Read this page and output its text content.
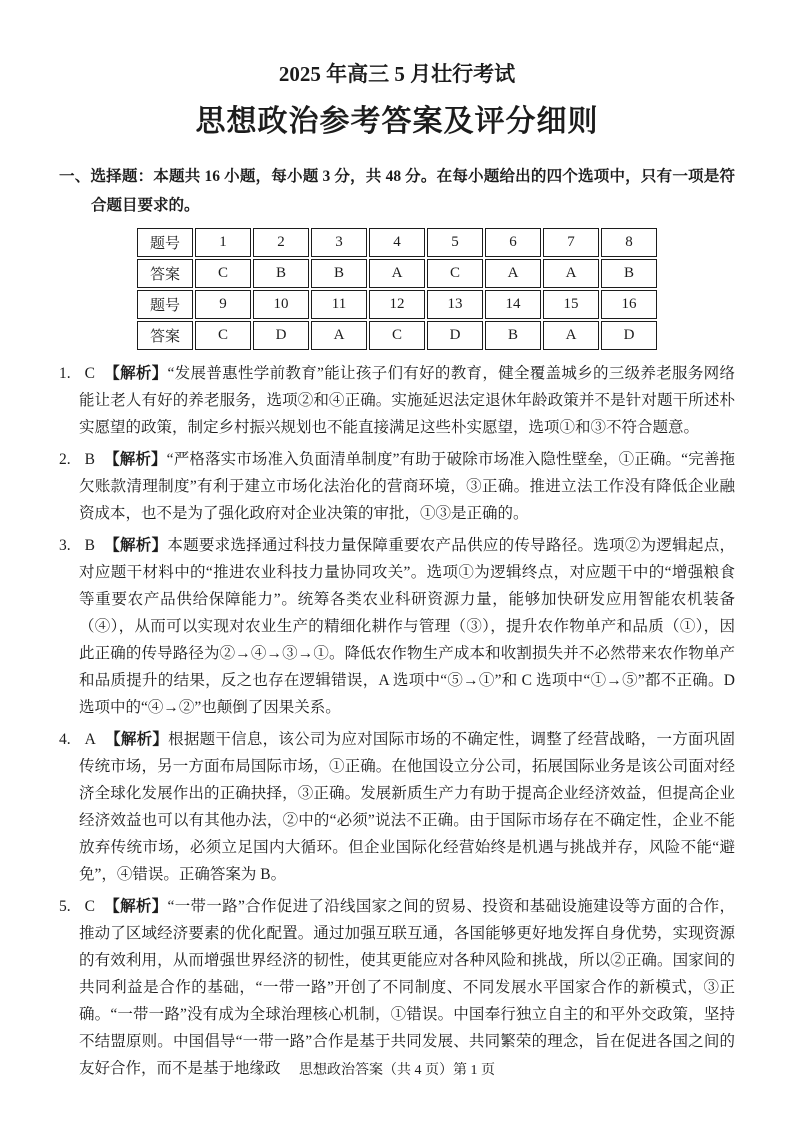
2025 年高三 5 月壮行考试
思想政治参考答案及评分细则

一、选择题：本题共 16 小题，每小题 3 分，共 48 分。在每小题给出的四个选项中，只有一项是符合题目要求的。

题号	1	2	3	4	5	6	7	8
答案	C	B	B	A	C	A	A	B
题号	9	10	11	12	13	14	15	16
答案	C	D	A	C	D	B	A	D
1. C 【解析】“发展普惠性学前教育”能让孩子们有好的教育，健全覆盖城乡的三级养老服务网络能让老人有好的养老服务，选项②和④正确。实施延迟法定退休年龄政策并不是针对题干所述朴实愿望的政策，制定乡村振兴规划也不能直接满足这些朴实愿望，选项①和③不符合题意。
2. B 【解析】“严格落实市场准入负面清单制度”有助于破除市场准入隐性壁垒，①正确。“完善拖欠账款清理制度”有利于建立市场化法治化的营商环境，③正确。推进立法工作没有降低企业融资成本，也不是为了强化政府对企业决策的审批，①③是正确的。
3. B 【解析】本题要求选择通过科技力量保障重要农产品供应的传导路径。选项②为逻辑起点，对应题干材料中的“推进农业科技力量协同攻关”。选项①为逻辑终点，对应题干中的“增强粮食等重要农产品供给保障能力”。统筹各类农业科研资源力量，能够加快研发应用智能农机装备（④），从而可以实现对农业生产的精细化耕作与管理（③），提升农作物单产和品质（①），因此正确的传导路径为②→④→③→①。降低农作物生产成本和收割损失并不必然带来农作物单产和品质提升的结果，反之也存在逻辑错误，A 选项中“⑤→①”和 C 选项中“①→⑤”都不正确。D 选项中的“④→②”也颠倒了因果关系。
4. A 【解析】根据题干信息，该公司为应对国际市场的不确定性，调整了经营战略，一方面巩固传统市场，另一方面布局国际市场，①正确。在他国设立分公司，拓展国际业务是该公司面对经济全球化发展作出的正确抉择，③正确。发展新质生产力有助于提高企业经济效益，但提高企业经济效益也可以有其他办法，②中的“必须”说法不正确。由于国际市场存在不确定性，企业不能放弃传统市场，必须立足国内大循环。但企业国际化经营始终是机遇与挑战并存，风险不能“避免”，④错误。正确答案为 B。
5. C 【解析】“一带一路”合作促进了沿线国家之间的贸易、投资和基础设施建设等方面的合作，推动了区域经济要素的优化配置。通过加强互联互通，各国能够更好地发挥自身优势，实现资源的有效利用，从而增强世界经济的韧性，使其更能应对各种风险和挑战，所以②正确。国家间的共同利益是合作的基础，“一带一路”开创了不同制度、不同发展水平国家合作的新模式，③正确。“一带一路”没有成为全球治理核心机制，①错误。中国奉行独立自主的和平外交政策，坚持不结盟原则。中国倡导“一带一路”合作是基于共同发展、共同繁荣的理念，旨在促进各国之间的友好合作，而不是基于地缘政	思想政治答案（共 4 页）第 1 页
